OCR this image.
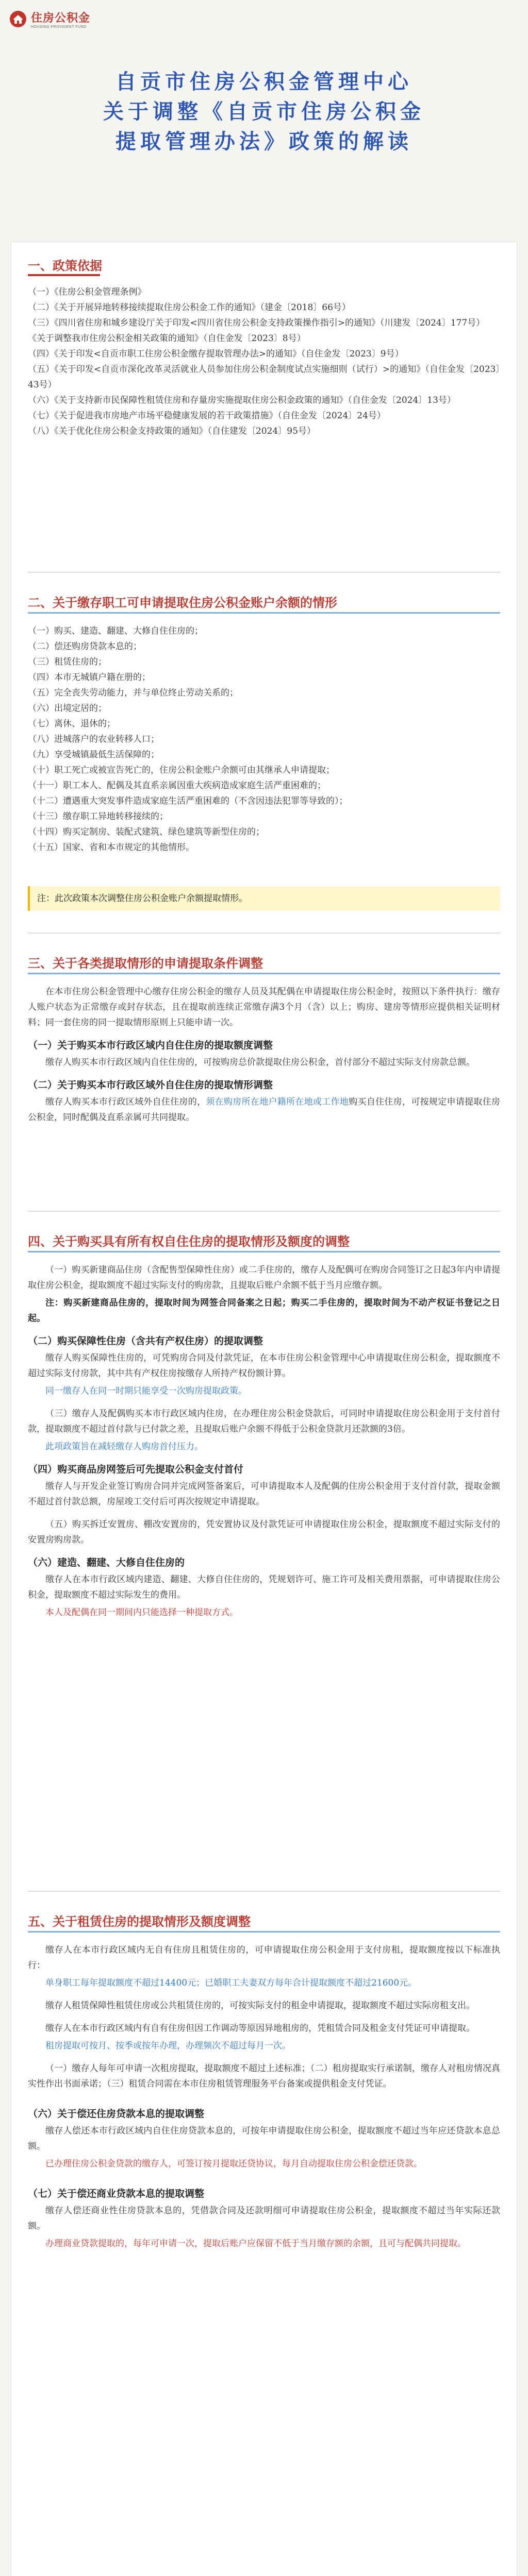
住房公积金
HOUSING PROVIDENT FUND
自贡市住房公积金管理中心
关于调整《自贡市住房公积金
提取管理办法》政策的解读
一、政策依据

（一）《住房公积金管理条例》

（二）《关于开展异地转移接续提取住房公积金工作的通知》（建金〔2018〕66号）

（三）《四川省住房和城乡建设厅关于印发<四川省住房公积金支持政策操作指引>的通知》（川建发〔2024〕177号）

《关于调整我市住房公积金相关政策的通知》（自住金发〔2023〕8号）

（四）《关于印发<自贡市职工住房公积金缴存提取管理办法>的通知》（自住金发〔2023〕9号）

（五）《关于印发<自贡市深化改革灵活就业人员参加住房公积金制度试点实施细则（试行）>的通知》（自住金发〔2023〕43号）

（六）《关于支持新市民保障性租赁住房和存量房实施提取住房公积金政策的通知》（自住金发〔2024〕13号）

（七）《关于促进我市房地产市场平稳健康发展的若干政策措施》（自住金发〔2024〕24号）

（八）《关于优化住房公积金支持政策的通知》（自住建发〔2024〕95号）

二、关于缴存职工可申请提取住房公积金账户余额的情形

（一）购买、建造、翻建、大修自住住房的；

（二）偿还购房贷款本息的；

（三）租赁住房的；

（四）本市无城镇户籍在册的；

（五）完全丧失劳动能力，并与单位终止劳动关系的；

（六）出境定居的；

（七）离休、退休的；

（八）进城落户的农业转移人口；

（九）享受城镇最低生活保障的；

（十）职工死亡或被宣告死亡的，住房公积金账户余额可由其继承人申请提取；

（十一）职工本人、配偶及其直系亲属因重大疾病造成家庭生活严重困难的；

（十二）遭遇重大突发事件造成家庭生活严重困难的（不含因违法犯罪等导致的）；

（十三）缴存职工异地转移接续的；

（十四）购买定制房、装配式建筑、绿色建筑等新型住房的；

（十五）国家、省和本市规定的其他情形。

注：此次政策本次调整住房公积金账户余额提取情形。
三、关于各类提取情形的申请提取条件调整

在本市住房公积金管理中心缴存住房公积金的缴存人员及其配偶在申请提取住房公积金时，按照以下条件执行：缴存人账户状态为正常缴存或封存状态，且在提取前连续正常缴存满3个月（含）以上；购房、建房等情形应提供相关证明材料；同一套住房的同一提取情形原则上只能申请一次。

（一）关于购买本市行政区域内自住住房的提取额度调整

缴存人购买本市行政区域内自住住房的，可按购房总价款提取住房公积金，首付部分不超过实际支付房款总额。

（二）关于购买本市行政区域外自住住房的提取情形调整

缴存人购买本市行政区域外自住住房的，须在购房所在地户籍所在地或工作地购买自住住房，可按规定申请提取住房公积金，同时配偶及直系亲属可共同提取。

四、关于购买具有所有权自住住房的提取情形及额度的调整

（一）购买新建商品住房（含配售型保障性住房）或二手住房的，缴存人及配偶可在购房合同签订之日起3年内申请提取住房公积金，提取额度不超过实际支付的购房款，且提取后账户余额不低于当月应缴存额。

注：购买新建商品住房的，提取时间为网签合同备案之日起；购买二手住房的，提取时间为不动产权证书登记之日起。

（二）购买保障性住房（含共有产权住房）的提取调整

缴存人购买保障性住房的，可凭购房合同及付款凭证，在本市住房公积金管理中心申请提取住房公积金，提取额度不超过实际支付房款，其中共有产权住房按缴存人所持产权份额计算。

同一缴存人在同一时期只能享受一次购房提取政策。

（三）缴存人及配偶购买本市行政区域内住房，在办理住房公积金贷款后，可同时申请提取住房公积金用于支付首付款，提取额度不超过首付款与已付款之差，且提取后账户余额不得低于公积金贷款月还款额的3倍。

此项政策旨在减轻缴存人购房首付压力。

（四）购买商品房网签后可先提取公积金支付首付

缴存人与开发企业签订购房合同并完成网签备案后，可申请提取本人及配偶的住房公积金用于支付首付款，提取金额不超过首付款总额，房屋竣工交付后可再次按规定申请提取。

（五）购买拆迁安置房、棚改安置房的，凭安置协议及付款凭证可申请提取住房公积金，提取额度不超过实际支付的安置房购房款。

（六）建造、翻建、大修自住住房的

缴存人在本市行政区域内建造、翻建、大修自住住房的，凭规划许可、施工许可及相关费用票据，可申请提取住房公积金，提取额度不超过实际发生的费用。

本人及配偶在同一期间内只能选择一种提取方式。

五、关于租赁住房的提取情形及额度调整

缴存人在本市行政区域内无自有住房且租赁住房的，可申请提取住房公积金用于支付房租，提取额度按以下标准执行：

单身职工每年提取额度不超过14400元；已婚职工夫妻双方每年合计提取额度不超过21600元。

缴存人租赁保障性租赁住房或公共租赁住房的，可按实际支付的租金申请提取，提取额度不超过实际房租支出。

缴存人在本市行政区域内有自有住房但因工作调动等原因异地租房的，凭租赁合同及租金支付凭证可申请提取。

租房提取可按月、按季或按年办理，办理频次不超过每月一次。

（一）缴存人每年可申请一次租房提取，提取额度不超过上述标准；（二）租房提取实行承诺制，缴存人对租房情况真实性作出书面承诺；（三）租赁合同需在本市住房租赁管理服务平台备案或提供租金支付凭证。

（六）关于偿还住房贷款本息的提取调整

缴存人偿还本市行政区域内自住住房贷款本息的，可按年申请提取住房公积金，提取额度不超过当年应还贷款本息总额。

已办理住房公积金贷款的缴存人，可签订按月提取还贷协议，每月自动提取住房公积金偿还贷款。

（七）关于偿还商业贷款本息的提取调整

缴存人偿还商业性住房贷款本息的，凭借款合同及还款明细可申请提取住房公积金，提取额度不超过当年实际还款额。

办理商业贷款提取的，每年可申请一次，提取后账户应保留不低于当月缴存额的余额，且可与配偶共同提取。
